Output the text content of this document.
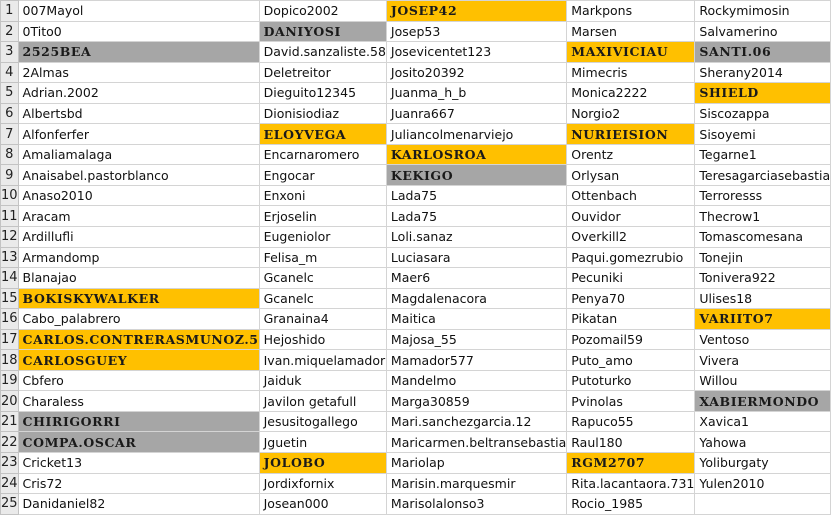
1	007Mayol	Dopico2002	JOSEP42	Markpons	Rockymimosin
2	0Tito0	DANIYOSI	Josep53	Marsen	Salvamerino
3	2525BEA	David.sanzaliste.58	Josevicentet123	MAXIVICIAU	SANTI.06
4	2Almas	Deletreitor	Josito20392	Mimecris	Sherany2014
5	Adrian.2002	Dieguito12345	Juanma_h_b	Monica2222	SHIELD
6	Albertsbd	Dionisiodiaz	Juanra667	Norgio2	Siscozappa
7	Alfonferfer	ELOYVEGA	Juliancolmenarviejo	NURIEISION	Sisoyemi
8	Amaliamalaga	Encarnaromero	KARLOSROA	Orentz	Tegarne1
9	Anaisabel.pastorblanco	Engocar	KEKIGO	Orlysan	Teresagarciasebastia
10	Anaso2010	Enxoni	Lada75	Ottenbach	Terroresss
11	Aracam	Erjoselin	Lada75	Ouvidor	Thecrow1
12	Ardillufli	Eugeniolor	Loli.sanaz	Overkill2	Tomascomesana
13	Armandomp	Felisa_m	Luciasara	Paqui.gomezrubio	Tonejin
14	Blanajao	Gcanelc	Maer6	Pecuniki	Tonivera922
15	BOKISKYWALKER	Gcanelc	Magdalenacora	Penya70	Ulises18
16	Cabo_palabrero	Granaina4	Maitica	Pikatan	VARIITO7
17	CARLOS.CONTRERASMUNOZ.5	Hejoshido	Majosa_55	Pozomail59	Ventoso
18	CARLOSGUEY	Ivan.miquelamador	Mamador577	Puto_amo	Vivera
19	Cbfero	Jaiduk	Mandelmo	Putoturko	Willou
20	Charaless	Javilon getafull	Marga30859	Pvinolas	XABIERMONDO
21	CHIRIGORRI	Jesusitogallego	Mari.sanchezgarcia.12	Rapuco55	Xavica1
22	COMPA.OSCAR	Jguetin	Maricarmen.beltransebastia	Raul180	Yahowa
23	Cricket13	JOLOBO	Mariolap	RGM2707	Yoliburgaty
24	Cris72	Jordixfornix	Marisin.marquesmir	Rita.lacantaora.731	Yulen2010
25	Danidaniel82	Josean000	Marisolalonso3	Rocio_1985	
